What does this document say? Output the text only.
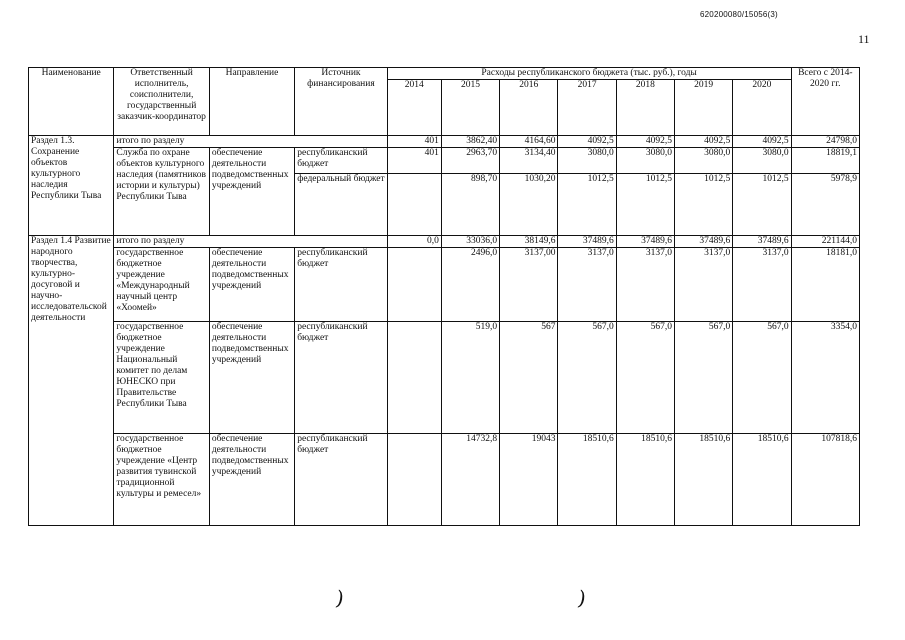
620200080/15056(3)
11
Наименование	Ответственный исполнитель, соисполнители, государственный заказчик-координатор	Направление	Источник финансирования	Расходы республиканского бюджета (тыс. руб.), годы							Всего с 2014-2020 гг.
				2014	2015	2016	2017	2018	2019	2020	
Раздел 1.3. Сохранение объектов культурного наследия Республики Тыва	итого по разделу			401	3862,40	4164,60	4092,5	4092,5	4092,5	4092,5	24798,0
	Служба по охране объектов культурного наследия (памятников истории и культуры) Республики Тыва	обеспечение деятельности подведомственных учреждений	республиканский бюджет	401	2963,70	3134,40	3080,0	3080,0	3080,0	3080,0	18819,1
			федеральный бюджет		898,70	1030,20	1012,5	1012,5	1012,5	1012,5	5978,9
Раздел 1.4 Развитие народного творчества, культурно-досуговой и научно-исследовательской деятельности	итого по разделу			0,0	33036,0	38149,6	37489,6	37489,6	37489,6	37489,6	221144,0
	государственное бюджетное учреждение «Международный научный центр «Хоомей»	обеспечение деятельности подведомственных учреждений	республиканский бюджет		2496,0	3137,00	3137,0	3137,0	3137,0	3137,0	18181,0
	государственное бюджетное учреждение Национальный комитет по делам ЮНЕСКО при Правительстве Республики Тыва	обеспечение деятельности подведомственных учреждений	республиканский бюджет		519,0	567	567,0	567,0	567,0	567,0	3354,0
	государственное бюджетное учреждение «Центр развития тувинской традиционной культуры и ремесел»	обеспечение деятельности подведомственных учреждений	республиканский бюджет		14732,8	19043	18510,6	18510,6	18510,6	18510,6	107818,6
)	)
